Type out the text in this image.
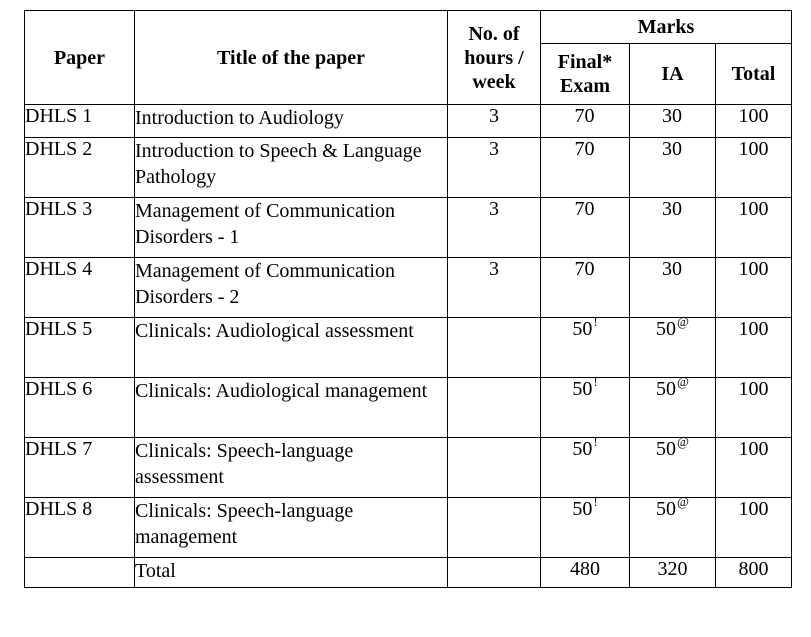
Paper	Title of the paper	No. of hours / week	Marks		
			Final* Exam	IA	Total
DHLS 1	Introduction to Audiology	3	70	30	100
DHLS 2	Introduction to Speech & Language Pathology	3	70	30	100
DHLS 3	Management of Communication Disorders - 1	3	70	30	100
DHLS 4	Management of Communication Disorders - 2	3	70	30	100
DHLS 5	Clinicals: Audiological assessment		50!	50@	100
DHLS 6	Clinicals: Audiological management		50!	50@	100
DHLS 7	Clinicals: Speech-language assessment		50!	50@	100
DHLS 8	Clinicals: Speech-language management		50!	50@	100
	Total		480	320	800
